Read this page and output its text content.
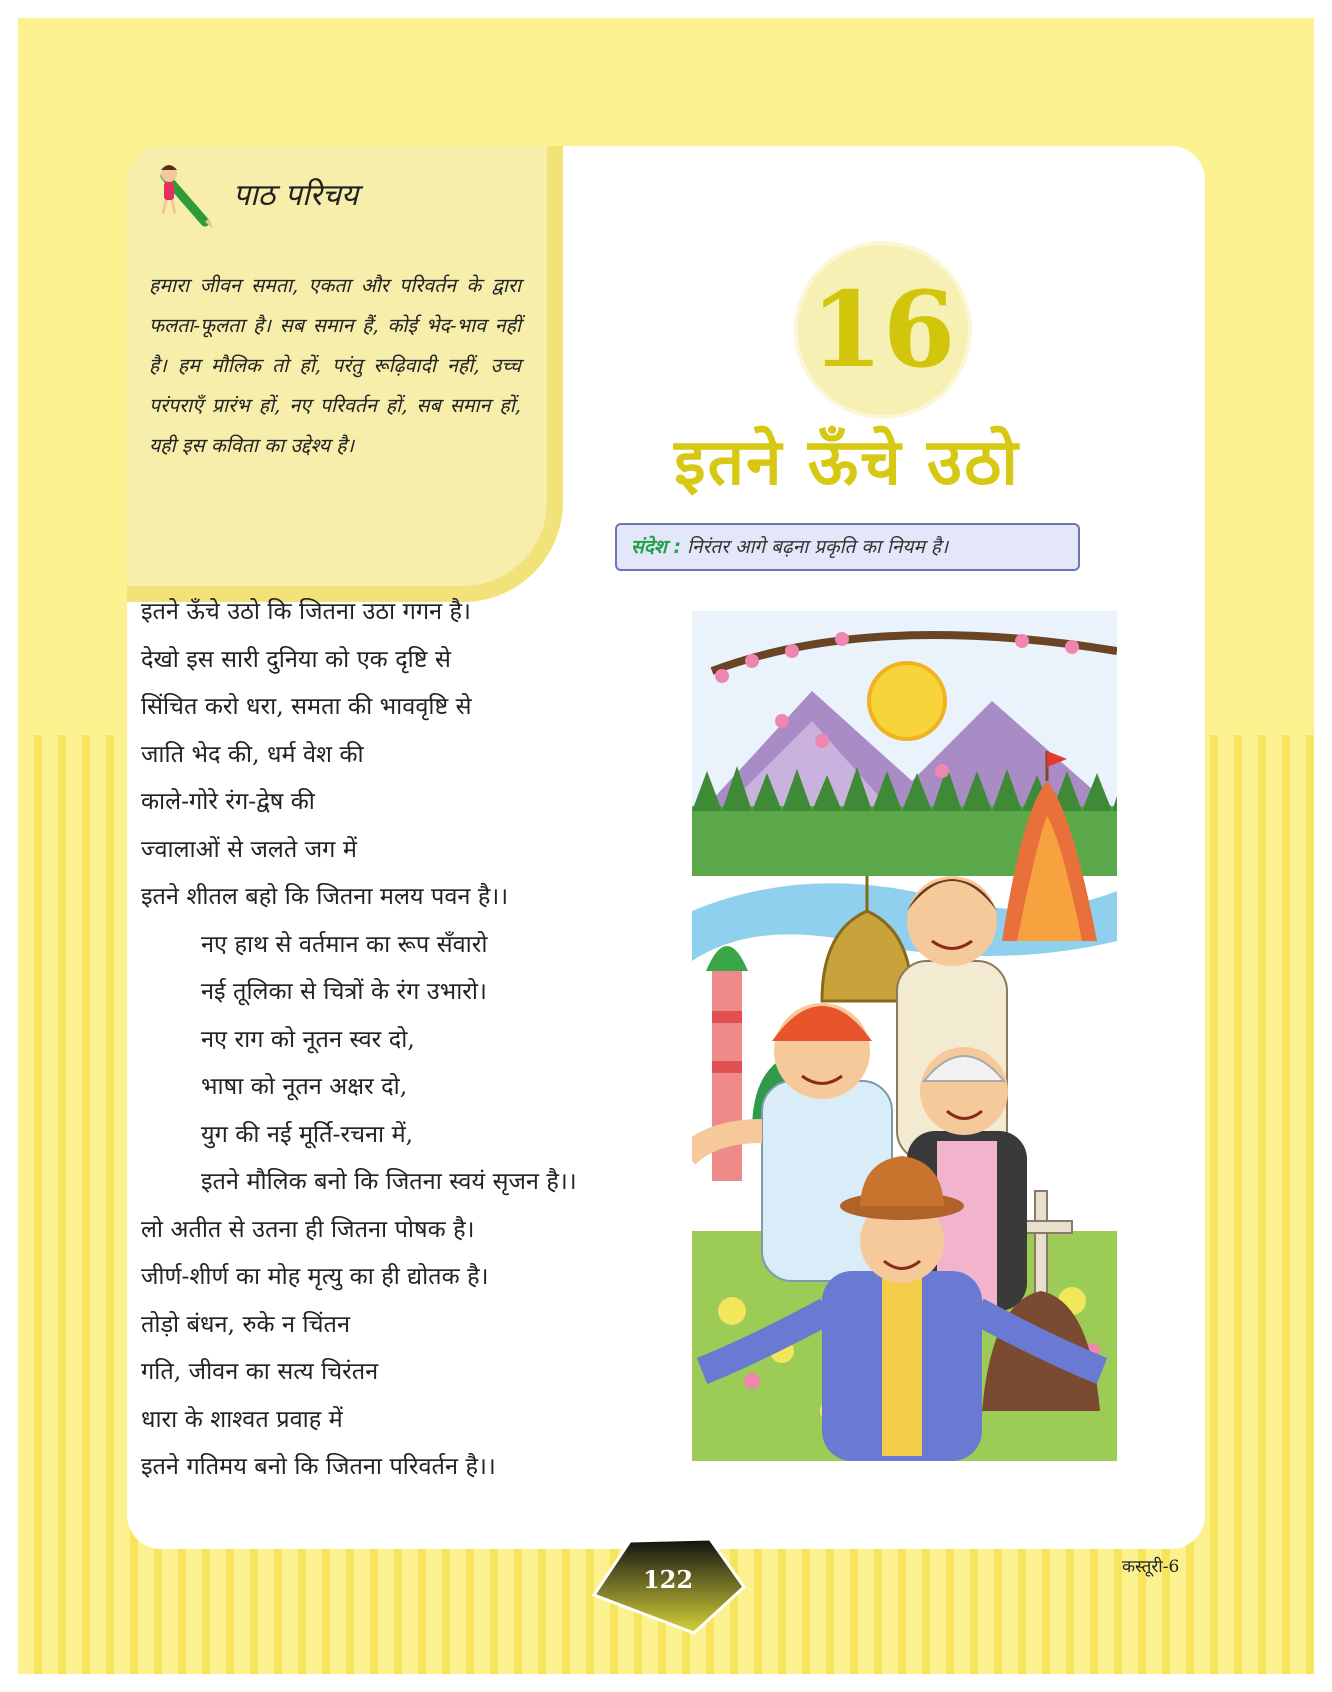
पाठ परिचय
हमारा जीवन समता, एकता और परिवर्तन के द्वारा फलता-फूलता है। सब समान हैं, कोई भेद-भाव नहीं है। हम मौलिक तो हों, परंतु रूढ़िवादी नहीं, उच्च परंपराएँ प्रारंभ हों, नए परिवर्तन हों, सब समान हों, यही इस कविता का उद्देश्य है।
16
इतने ऊँचे उठो
संदेश : निरंतर आगे बढ़ना प्रकृति का नियम है।
इतने ऊँचे उठो कि जितना उठा गगन है।
देखो इस सारी दुनिया को एक दृष्टि से
सिंचित करो धरा, समता की भाववृष्टि से
जाति भेद की, धर्म वेश की
काले-गोरे रंग-द्वेष की
ज्वालाओं से जलते जग में
इतने शीतल बहो कि जितना मलय पवन है।।
नए हाथ से वर्तमान का रूप सँवारो
नई तूलिका से चित्रों के रंग उभारो।
नए राग को नूतन स्वर दो,
भाषा को नूतन अक्षर दो,
युग की नई मूर्ति-रचना में,
इतने मौलिक बनो कि जितना स्वयं सृजन है।।
लो अतीत से उतना ही जितना पोषक है।
जीर्ण-शीर्ण का मोह मृत्यु का ही द्योतक है।
तोड़ो बंधन, रुके न चिंतन
गति, जीवन का सत्य चिरंतन
धारा के शाश्वत प्रवाह में
इतने गतिमय बनो कि जितना परिवर्तन है।।
122	कस्तूरी-6
